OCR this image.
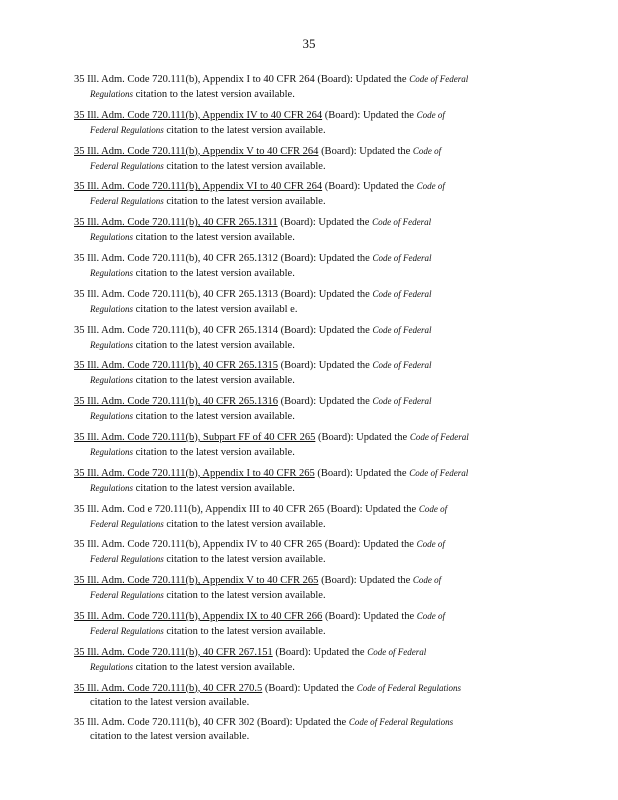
35
35 Ill. Adm. Code 720.111(b), Appendix I to 40 CFR 264 (Board): Updated the Code of Federal
Regulations citation to the latest version available.
35 Ill. Adm. Code 720.111(b), Appendix IV to 40 CFR 264 (Board): Updated the Code of
Federal Regulations citation to the latest version available.
35 Ill. Adm. Code 720.111(b), Appendix V to 40 CFR 264 (Board): Updated the Code of
Federal Regulations citation to the latest version available.
35 Ill. Adm. Code 720.111(b), Appendix VI to 40 CFR 264 (Board): Updated the Code of
Federal Regulations citation to the latest version available.
35 Ill. Adm. Code 720.111(b), 40 CFR 265.1311 (Board): Updated the Code of Federal
Regulations citation to the latest version available.
35 Ill. Adm. Code 720.111(b), 40 CFR 265.1312 (Board): Updated the Code of Federal
Regulations citation to the latest version available.
35 Ill. Adm. Code 720.111(b), 40 CFR 265.1313 (Board): Updated the Code of Federal
Regulations citation to the latest version availabl e.
35 Ill. Adm. Code 720.111(b), 40 CFR 265.1314 (Board): Updated the Code of Federal
Regulations citation to the latest version available.
35 Ill. Adm. Code 720.111(b), 40 CFR 265.1315 (Board): Updated the Code of Federal
Regulations citation to the latest version available.
35 Ill. Adm. Code 720.111(b), 40 CFR 265.1316 (Board): Updated the Code of Federal
Regulations citation to the latest version available.
35 Ill. Adm. Code 720.111(b), Subpart FF of 40 CFR 265 (Board): Updated the Code of Federal
Regulations citation to the latest version available.
35 Ill. Adm. Code 720.111(b), Appendix I to 40 CFR 265 (Board): Updated the Code of Federal
Regulations citation to the latest version available.
35 Ill. Adm. Cod e 720.111(b), Appendix III to 40 CFR 265 (Board): Updated the Code of
Federal Regulations citation to the latest version available.
35 Ill. Adm. Code 720.111(b), Appendix IV to 40 CFR 265 (Board): Updated the Code of
Federal Regulations citation to the latest version available.
35 Ill. Adm. Code 720.111(b), Appendix V to 40 CFR 265 (Board): Updated the Code of
Federal Regulations citation to the latest version available.
35 Ill. Adm. Code 720.111(b), Appendix IX to 40 CFR 266 (Board): Updated the Code of
Federal Regulations citation to the latest version available.
35 Ill. Adm. Code 720.111(b), 40 CFR 267.151 (Board): Updated the Code of Federal
Regulations citation to the latest version available.
35 Ill. Adm. Code 720.111(b), 40 CFR 270.5 (Board): Updated the Code of Federal Regulations
citation to the latest version available.
35 Ill. Adm. Code 720.111(b), 40 CFR 302 (Board): Updated the Code of Federal Regulations
citation to the latest version available.
